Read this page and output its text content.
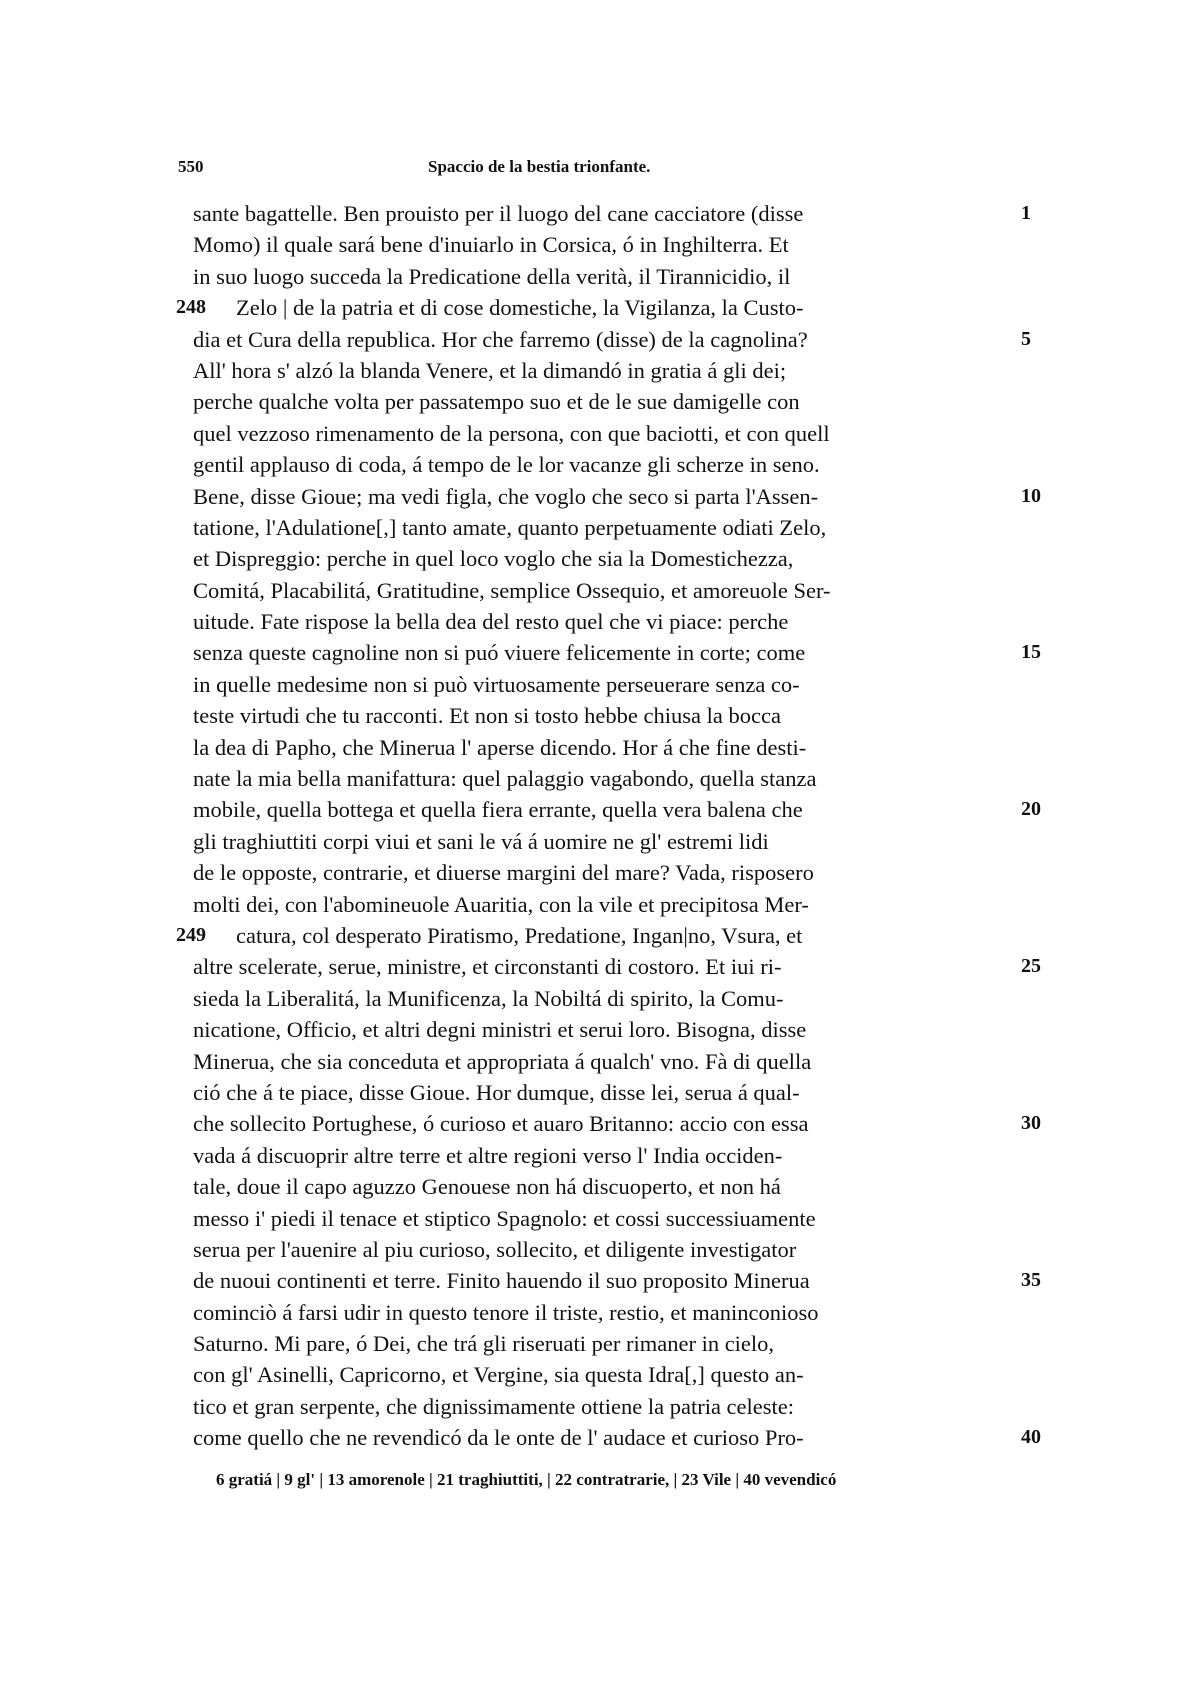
550	Spaccio de la bestia trionfante.
sante bagattelle. Ben prouisto per il luogo del cane cacciatore (disse	1
Momo) il quale sará bene d'inuiarlo in Corsica, ó in Inghilterra. Et
in suo luogo succeda la Predicatione della verità, il Tirannicidio, il
248 Zelo | de la patria et di cose domestiche, la Vigilanza, la Custo-
dia et Cura della republica. Hor che farremo (disse) de la cagnolina?	5
All' hora s' alzó la blanda Venere, et la dimandó in gratia á gli dei;
perche qualche volta per passatempo suo et de le sue damigelle con
quel vezzoso rimenamento de la persona, con que baciotti, et con quell
gentil applauso di coda, á tempo de le lor vacanze gli scherze in seno.
Bene, disse Gioue; ma vedi figla, che voglo che seco si parta l'Assen-	10
tatione, l'Adulatione[,] tanto amate, quanto perpetuamente odiati Zelo,
et Dispreggio: perche in quel loco voglo che sia la Domestichezza,
Comitá, Placabilitá, Gratitudine, semplice Ossequio, et amoreuole Ser-
uitude. Fate rispose la bella dea del resto quel che vi piace: perche
senza queste cagnoline non si puó viuere felicemente in corte; come	15
in quelle medesime non si può virtuosamente perseuerare senza co-
teste virtudi che tu racconti. Et non si tosto hebbe chiusa la bocca
la dea di Papho, che Minerua l' aperse dicendo. Hor á che fine desti-
nate la mia bella manifattura: quel palaggio vagabondo, quella stanza
mobile, quella bottega et quella fiera errante, quella vera balena che	20
gli traghiuttiti corpi viui et sani le vá á uomire ne gl' estremi lidi
de le opposte, contrarie, et diuerse margini del mare? Vada, risposero
molti dei, con l'abomineuole Auaritia, con la vile et precipitosa Mer-
249 catura, col desperato Piratismo, Predatione, Ingan|no, Vsura, et
altre scelerate, serue, ministre, et circonstanti di costoro. Et iui ri-	25
sieda la Liberalitá, la Munificenza, la Nobiltá di spirito, la Comu-
nicatione, Officio, et altri degni ministri et serui loro. Bisogna, disse
Minerua, che sia conceduta et appropriata á qualch' vno. Fà di quella
ció che á te piace, disse Gioue. Hor dumque, disse lei, serua á qual-
che sollecito Portughese, ó curioso et auaro Britanno: accio con essa	30
vada á discuoprir altre terre et altre regioni verso l' India occiden-
tale, doue il capo aguzzo Genouese non há discuoperto, et non há
messo i' piedi il tenace et stiptico Spagnolo: et cossi successiuamente
serua per l'auenire al piu curioso, sollecito, et diligente investigator
de nuoui continenti et terre. Finito hauendo il suo proposito Minerua	35
cominciò á farsi udir in questo tenore il triste, restio, et maninconioso
Saturno. Mi pare, ó Dei, che trá gli riseruati per rimaner in cielo,
con gl' Asinelli, Capricorno, et Vergine, sia questa Idra[,] questo an-
tico et gran serpente, che dignissimamente ottiene la patria celeste:
come quello che ne revendicó da le onte de l' audace et curioso Pro-	40
6 gratiá | 9 gl' | 13 amorenole | 21 traghiuttiti, | 22 contratrarie, | 23 Vile | 40 vevendicó
